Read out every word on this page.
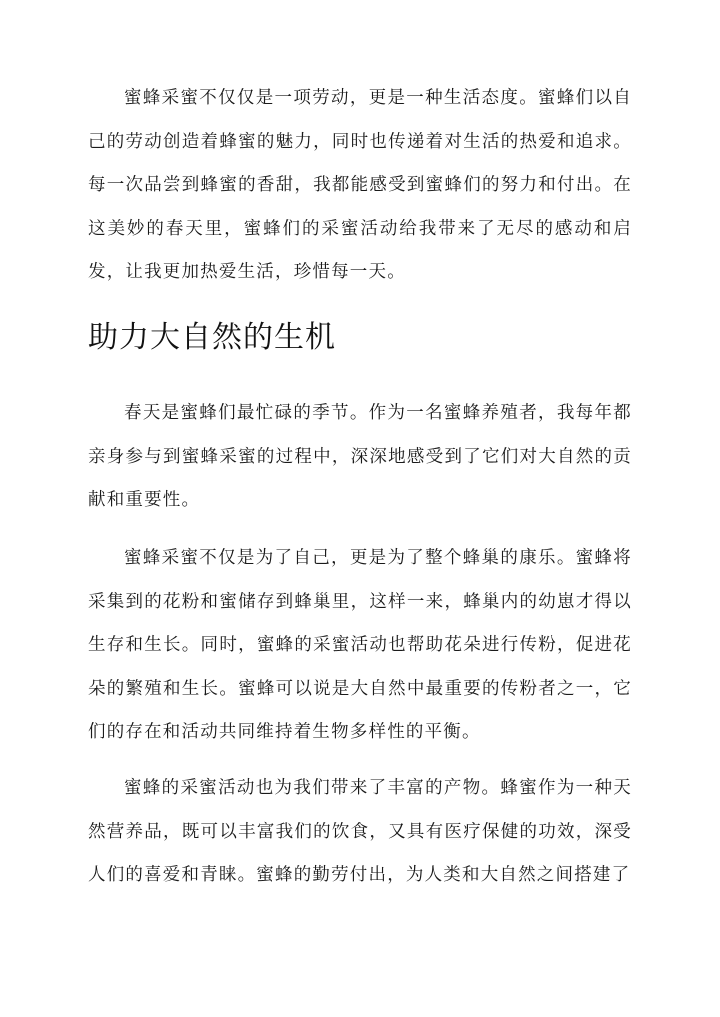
蜜蜂采蜜不仅仅是一项劳动，更是一种生活态度。蜜蜂们以自己的劳动创造着蜂蜜的魅力，同时也传递着对生活的热爱和追求。每一次品尝到蜂蜜的香甜，我都能感受到蜜蜂们的努力和付出。在这美妙的春天里，蜜蜂们的采蜜活动给我带来了无尽的感动和启发，让我更加热爱生活，珍惜每一天。

助力大自然的生机

春天是蜜蜂们最忙碌的季节。作为一名蜜蜂养殖者，我每年都亲身参与到蜜蜂采蜜的过程中，深深地感受到了它们对大自然的贡献和重要性。

蜜蜂采蜜不仅是为了自己，更是为了整个蜂巢的康乐。蜜蜂将采集到的花粉和蜜储存到蜂巢里，这样一来，蜂巢内的幼崽才得以生存和生长。同时，蜜蜂的采蜜活动也帮助花朵进行传粉，促进花朵的繁殖和生长。蜜蜂可以说是大自然中最重要的传粉者之一，它们的存在和活动共同维持着生物多样性的平衡。

蜜蜂的采蜜活动也为我们带来了丰富的产物。蜂蜜作为一种天然营养品，既可以丰富我们的饮食，又具有医疗保健的功效，深受人们的喜爱和青睐。蜜蜂的勤劳付出，为人类和大自然之间搭建了
